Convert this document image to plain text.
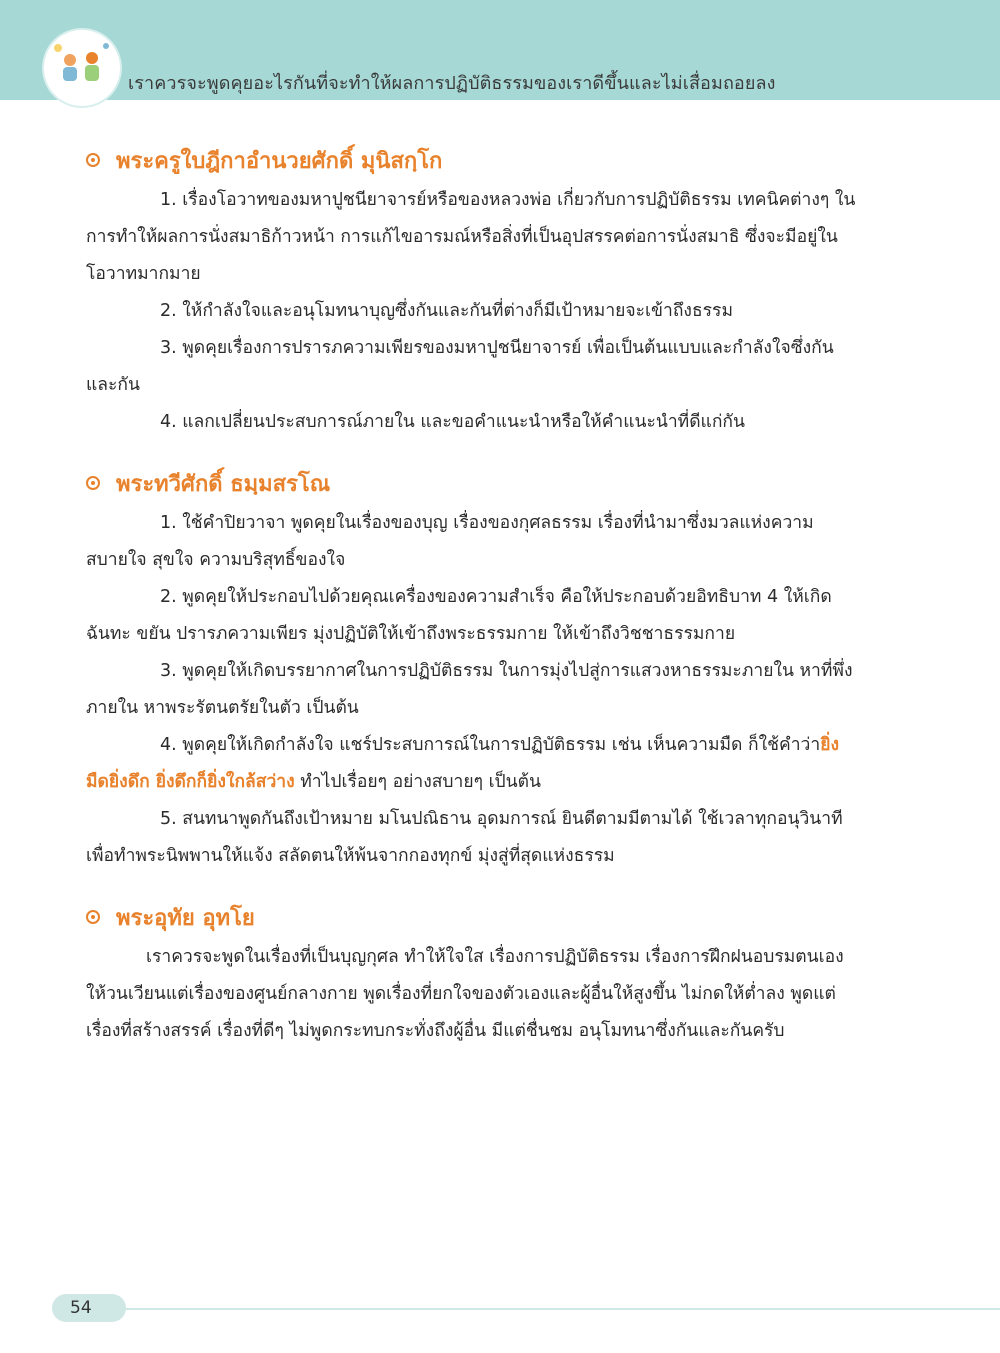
เราควรจะพูดคุยอะไรกันที่จะทำให้ผลการปฏิบัติธรรมของเราดีขึ้นและไม่เสื่อมถอยลง
พระครูใบฎีกาอำนวยศักดิ์ มุนิสกฺโก

1. เรื่องโอวาทของมหาปูชนียาจารย์หรือของหลวงพ่อ เกี่ยวกับการปฏิบัติธรรม เทคนิคต่างๆ ในการทำให้ผลการนั่งสมาธิก้าวหน้า การแก้ไขอารมณ์หรือสิ่งที่เป็นอุปสรรคต่อการนั่งสมาธิ ซึ่งจะมีอยู่ในโอวาทมากมาย

2. ให้กำลังใจและอนุโมทนาบุญซึ่งกันและกันที่ต่างก็มีเป้าหมายจะเข้าถึงธรรม

3. พูดคุยเรื่องการปรารภความเพียรของมหาปูชนียาจารย์ เพื่อเป็นต้นแบบและกำลังใจซึ่งกันและกัน

4. แลกเปลี่ยนประสบการณ์ภายใน และขอคำแนะนำหรือให้คำแนะนำที่ดีแก่กัน

พระทวีศักดิ์ ธมฺมสรโณ

1. ใช้คำปิยวาจา พูดคุยในเรื่องของบุญ เรื่องของกุศลธรรม เรื่องที่นำมาซึ่งมวลแห่งความสบายใจ สุขใจ ความบริสุทธิ์ของใจ

2. พูดคุยให้ประกอบไปด้วยคุณเครื่องของความสำเร็จ คือให้ประกอบด้วยอิทธิบาท 4 ให้เกิดฉันทะ ขยัน ปรารภความเพียร มุ่งปฏิบัติให้เข้าถึงพระธรรมกาย ให้เข้าถึงวิชชาธรรมกาย

3. พูดคุยให้เกิดบรรยากาศในการปฏิบัติธรรม ในการมุ่งไปสู่การแสวงหาธรรมะภายใน หาที่พึ่งภายใน หาพระรัตนตรัยในตัว เป็นต้น

4. พูดคุยให้เกิดกำลังใจ แชร์ประสบการณ์ในการปฏิบัติธรรม เช่น เห็นความมืด ก็ใช้คำว่ายิ่งมืดยิ่งดึก ยิ่งดึกก็ยิ่งใกล้สว่าง ทำไปเรื่อยๆ อย่างสบายๆ เป็นต้น

5. สนทนาพูดกันถึงเป้าหมาย มโนปณิธาน อุดมการณ์ ยินดีตามมีตามได้ ใช้เวลาทุกอนุวินาทีเพื่อทำพระนิพพานให้แจ้ง สลัดตนให้พ้นจากกองทุกข์ มุ่งสู่ที่สุดแห่งธรรม

พระอุทัย อุทโย

เราควรจะพูดในเรื่องที่เป็นบุญกุศล ทำให้ใจใส เรื่องการปฏิบัติธรรม เรื่องการฝึกฝนอบรมตนเอง ให้วนเวียนแต่เรื่องของศูนย์กลางกาย พูดเรื่องที่ยกใจของตัวเองและผู้อื่นให้สูงขึ้น ไม่กดให้ต่ำลง พูดแต่เรื่องที่สร้างสรรค์ เรื่องที่ดีๆ ไม่พูดกระทบกระทั่งถึงผู้อื่น มีแต่ชื่นชม อนุโมทนาซึ่งกันและกันครับ

54
